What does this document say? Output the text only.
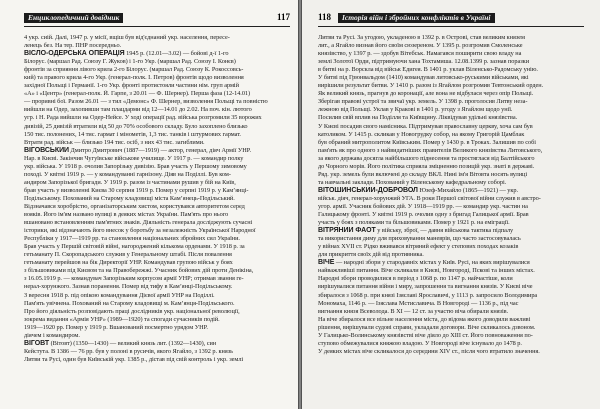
Енциклопедичний довідник	117
4 укр. сиій. Далі, 1947 р. у місії, вщіш був від'єднаний укр. населення, пересе-
ленець без. На тер. ПНР посередньо.
ВІСЛО-ОДЕРСЬКА ОПЕРАЦІЯ 1945 р. (12.01—3.02) — бойові д-ї 1-го
Білорус. (маршал Рад. Союзу Г. Жуков) і 1-го Укр. (маршал Рад. Союзу І. Конєв)
фронтів за сприяння лівого крила 2-го Білорус. (маршал Рад. Союзу К. Рокоссовсь-
кий) та правого крила 4-го Укр. (генерал-полк. І. Петров) фронтів щодо визволення
західної Польщі і Германії. 1-го Укр. фронті протистояли частини нім. груп армій
«А» і «Центр» (генерал-полк. Й. Гарпе, з 20.01 — Ф. Шернер). Перша фаза (12-14.01)
— проривні бої. Разом 26.01 — з тил «Демонс» Ф. Шернер, визволення Польщі та повністю
вийшли на Одер, захопивши там плацдарми від 12—14.01 до 2.02. На поч. кін. лютого
угр. і Н. Рада вийшли на Одер-Нейсе. У ході операції рад. війська розгромили 35 ворожих
дивізій, 25 дивізій втратили від 50 до 70% особового складу. Було захоплено близько
150 тис. полонених, 14 тис. гармат і мінометів, 1,3 тис. танків і штурмових гармат.
Втрати рад. військ — близько 194 тис. осіб, з них 43 тис. загиблими.
ВІГОВСЬКИЙ Дмитро Дмитрович (1887—1919) — актор, генерал, діяч Армії УНР.
Нар. в Києві. Закінчив Чугуївське військове училище. У 1917 р. — командир полку
укр. війська. У 1918 р. очолив Запорізьку дивізію. Брав участь у Першому зимовому
поході. У квітні 1919 р. — у командуванні гарнізону. Діяв на Поділлі. Був ком-
андиром Запорізької бригади. У 1919 р. разом із частинами рушив у бій на Київ,
брав участь у визволенні Києва 30 серпня 1919 р. Помер у серпні 1919 р. у Камʼянці-
Подільському. Похований на Старому кладовищі міста Камʼянець-Подільський.
Відзначався хоробрістю, організаторським хистом, користувався авторитетом серед
вояків. Його ім'ям названо вулиці в деяких містах України. Пам'ять про нього
вшановано встановленням пам'ятних знаків. Діяльність генерала досліджують сучасні
історики, які відзначають його внесок у боротьбу за незалежність Української Народної
Республіки у 1917—1919 рр. та становлення національних збройних сил України.
Брав участь у Першій світовій війні, нагороджений кількома орденами. У 1918 р. за
гетьманату П. Скоропадського служив у Генеральному штабі. Після повалення
гетьманату перейшов на бік Директорії УНР. Командував групою військ у боях
з більшовиками під Києвом та на Правобережжі. Учасник бойових дій проти Денікіна,
з 16.05.1919 р. — командувач Запорізьким корпусом армії УНР; отримав звання ге-
нерал-хорунжого. Зазнав поранення. Помер від тифу в Камʼянці-Подільському.
З вересня 1918 р. під опікою командування Дієвої армії УНР на Поділлі.
Пам'ять увічнена. Похований на Старому кладовищі м. Камʼянця-Подільського.
Про його діяльність розповідають праці дослідників укр. національної революції,
зокрема видання «Армія УНР» (1989—1920) та спогади сучасників подій.
1919—1920 рр. Помер у 1919 р. Вшанований посмертно урядом УНР.
діячем і командиром.
ВІГОВТ (Вітовт) (1350—1430) — великий князь лит. (1392—1430), син
Кейстута. В 1386 — 76 рр. був у полоні в русичів, якого Ягайло, з 1392 р. князь
Литви та Русі, один був Київській укр. 1385 р., дістав під свій контроль і укр. землі
118	Історія війн і збройних конфліктів в Україні
Литви та Русі. За угодою, укладеною в 1392 р. в Острові, став великим князем
лит., а Ягайло визнав його своїм сюзереном. У 1395 р. розгромив Смоленське
князівство, у 1397 р. — здобув Вітебськ. Намагався поширити свою владу на
землі Золотої Орди, підтримуючи хана Тохтамиша. 12.08.1399 р. зазнав поразки
в битві на р. Ворскла від військ Едигея. В 1401 р. уклав Віленсько-Радомську унію.
У битві під Грюнвальдом (1410) командував литовсько-руськими військами, які
вирішили результат битви. У 1410 р. разом із Ягайлом розгромив Тевтонський орден.
Як великий князь, прагнув до коронації, але вона не відбулася через опір Польщі.
Зберігав правові устрої та звичаї укр. земель. У 1398 р. проголосив Литву неза-
лежною від Польщі. Уклав у Кракові в 1401 р. угоду з Ягайлом щодо унії.
Посилив свій вплив на Поділля та Київщину. Ліквідував удільні князівства.
У Києві посадив свого намісника. Підтримував православну церкву, хоча сам був
католиком. У 1415 р. скликав у Новогрудку собор, на якому Григорій Цамблак
був обраний митрополитом Київським. Помер у 1430 р. в Троках. Залишив по собі
пам'ять як про одного з найвидатніших правителів Великого князівства Литовського,
за якого держава досягла найбільшого піднесення та простяглася від Балтійського
до Чорного морів. Його політика сприяла зміцненню позицій укр. знаті в державі.
Ряд. укр. земель були включені до складу ВКЛ. Нині ім'я Вітовта носять вулиці
та навчальні заклади. Похований у Віленському кафедральному соборі.
ВІТОШИНСЬКИЙ-ДОБРОВОЛ Юзеф-Михайло (1865—1921) — укр.
військ. діяч, генерал-хорунжий УГА. В роки Першої світової війни служив в австро-
угор. армії. Учасник бойових дій. У 1918—1919 рр. — командир укр. частин на
Галицькому фронті. У квітні 1919 р. очолив одну з бригад Галицької армії. Брав
участь у боях з поляками та більшовиками. Помер у 1921 р. на еміграції.
ВІТРЯНИЙ ФАОТ у війську, зброї, — давня військова тактика підпалу
та використання диму для приховування маневрів, що часто застосовувалась
у війнах XVII ст. Рідко вживався вітряний ефект у степових походах козаків
для прикриття своїх дій від противника.
ВІЧЕ — народні збори у стародавніх містах у Київ. Русі, на яких вирішувалися
найважливіші питання. Віче скликали в Києві, Новгороді, Пскові та інших містах.
Народні збори проводилися в період з 1068 р. по 1147 р. найчастіше, коли
вирішувалися питання війни і миру, запрошення та вигнання князів. У Києві віче
збиралося з 1068 р. при князі Ізяславі Ярославичі, у 1113 р. запросило Володимира
Мономаха, 1146 р. — Ізяслава Мстиславича. В Новгороді — 1136 р., під час
вигнання князя Всеволода. В XI — 12 ст. за участю віча обирали князів.
На віче збиралося все вільне населення міста, до відома якого доводили важливі
рішення, вирішували судові справи, укладали договори. Віче скликалось дзвоном.
У Галицько-Волинському князівстві віче діяло до XIII ст. Його повноваження по-
ступово обмежувалися княжою владою. У Новгороді віче існувало до 1478 р.
У деяких містах віче скликалося до середини XIV ст., після чого втратило значення.
